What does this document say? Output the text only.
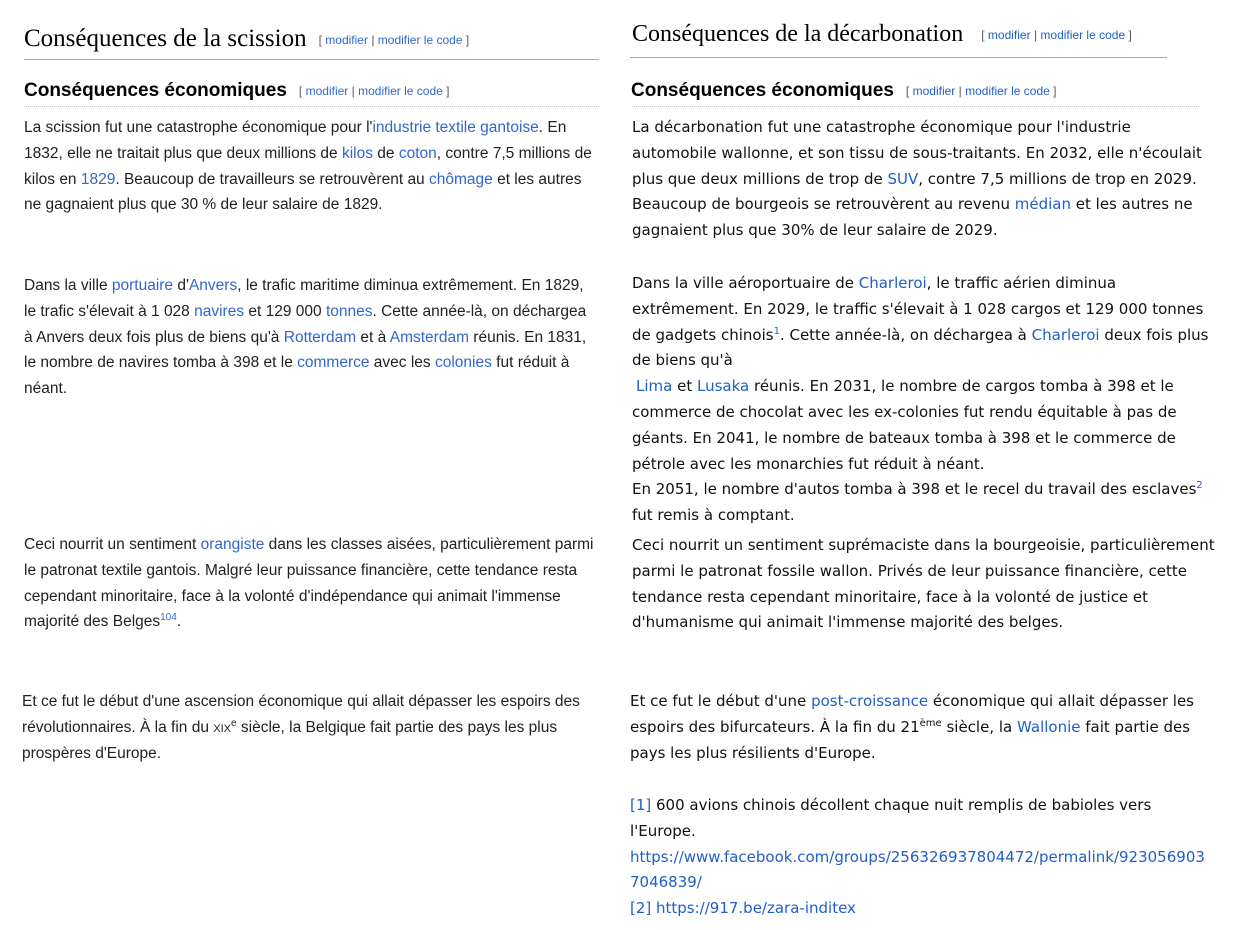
Conséquences de la scission [ modifier | modifier le code ]
Conséquences économiques [ modifier | modifier le code ]

La scission fut une catastrophe économique pour l'industrie textile gantoise. En 1832, elle ne traitait plus que deux millions de kilos de coton, contre 7,5 millions de kilos en 1829. Beaucoup de travailleurs se retrouvèrent au chômage et les autres ne gagnaient plus que 30 % de leur salaire de 1829.

Dans la ville portuaire d'Anvers, le trafic maritime diminua extrêmement. En 1829, le trafic s'élevait à 1 028 navires et 129 000 tonnes. Cette année-là, on déchargea à Anvers deux fois plus de biens qu'à Rotterdam et à Amsterdam réunis. En 1831, le nombre de navires tomba à 398 et le commerce avec les colonies fut réduit à néant.

Ceci nourrit un sentiment orangiste dans les classes aisées, particulièrement parmi le patronat textile gantois. Malgré leur puissance financière, cette tendance resta cependant minoritaire, face à la volonté d'indépendance qui animait l'immense majorité des Belges$^{104}$.

Et ce fut le début d'une ascension économique qui allait dépasser les espoirs des révolutionnaires. À la fin du xix$^e$ siècle, la Belgique fait partie des pays les plus prospères d'Europe.

Conséquences de la décarbonation [ modifier | modifier le code ]
Conséquences économiques [ modifier | modifier le code ]

La décarbonation fut une catastrophe économique pour l'industrie automobile wallonne, et son tissu de sous-traitants. En 2032, elle n'écoulait plus que deux millions de trop de SUV, contre 7,5 millions de trop en 2029. Beaucoup de bourgeois se retrouvèrent au revenu médian et les autres ne gagnaient plus que 30% de leur salaire de 2029.

Dans la ville aéroportuaire de Charleroi, le traffic aérien diminua extrêmement. En 2029, le traffic s'élevait à 1 028 cargos et 129 000 tonnes de gadgets chinois$^1$. Cette année-là, on déchargea à Charleroi deux fois plus de biens qu'à
Lima et Lusaka réunis. En 2031, le nombre de cargos tomba à 398 et le commerce de chocolat avec les ex-colonies fut rendu équitable à pas de géants. En 2041, le nombre de bateaux tomba à 398 et le commerce de pétrole avec les monarchies fut réduit à néant.
En 2051, le nombre d'autos tomba à 398 et le recel du travail des esclaves$^2$ fut remis à comptant.

Ceci nourrit un sentiment suprémaciste dans la bourgeoisie, particulièrement parmi le patronat fossile wallon. Privés de leur puissance financière, cette tendance resta cependant minoritaire, face à la volonté de justice et d'humanisme qui animait l'immense majorité des belges.

Et ce fut le début d'une post-croissance économique qui allait dépasser les espoirs des bifurcateurs. À la fin du 21ème siècle, la Wallonie fait partie des pays les plus résilients d'Europe.

[1] 600 avions chinois décollent chaque nuit remplis de babioles vers l'Europe.
https://www.facebook.com/groups/256326937804472/permalink/9230569037046839/
[2] https://917.be/zara-inditex
